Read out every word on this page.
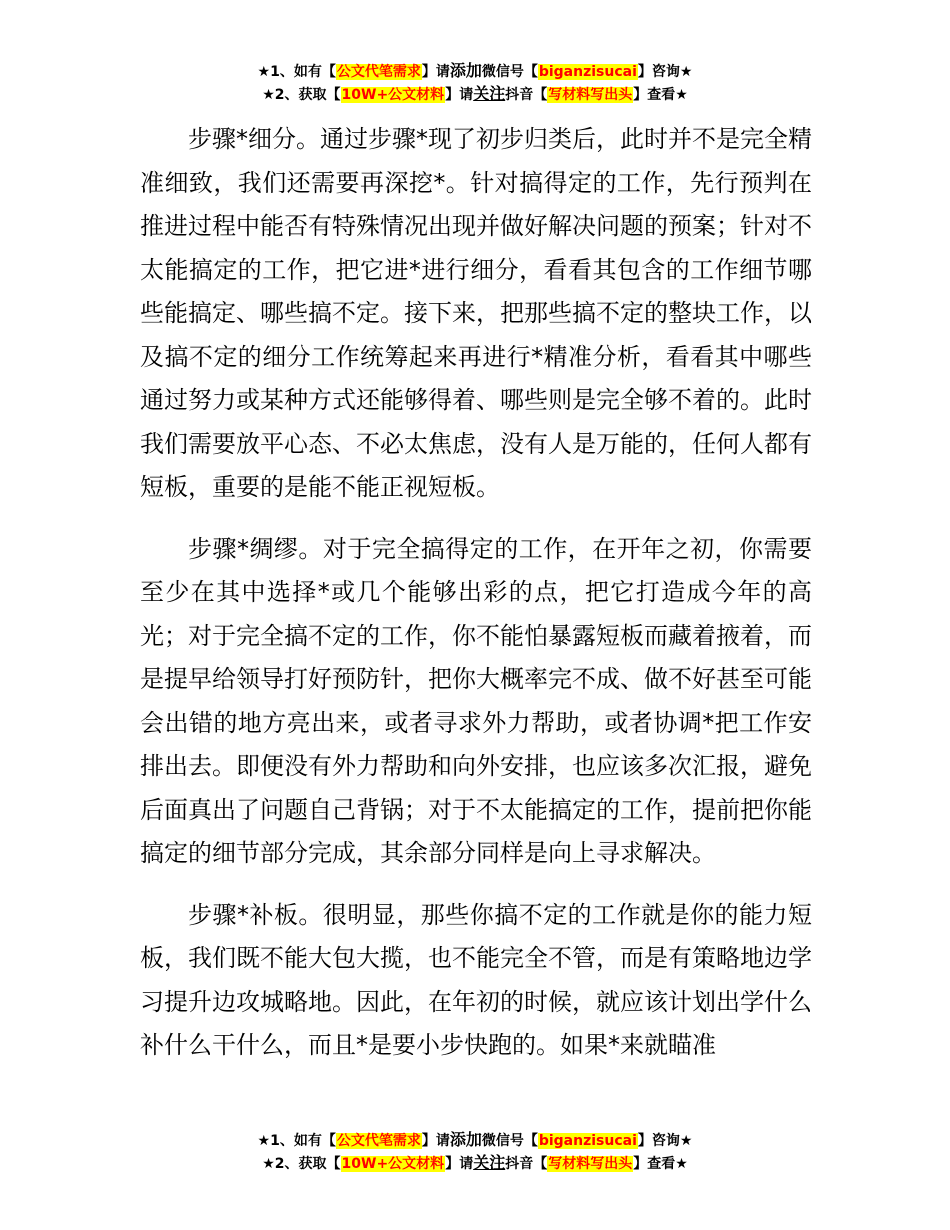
★1、如有【公文代笔需求】请添加微信号【biganzisucai】咨询★
★2、获取【10W+公文材料】请关注抖音【写材料写出头】查看★

步骤*细分。通过步骤*现了初步归类后，此时并不是完全精准细致，我们还需要再深挖*。针对搞得定的工作，先行预判在推进过程中能否有特殊情况出现并做好解决问题的预案；针对不太能搞定的工作，把它进*进行细分，看看其包含的工作细节哪些能搞定、哪些搞不定。接下来，把那些搞不定的整块工作，以及搞不定的细分工作统筹起来再进行*精准分析，看看其中哪些通过努力或某种方式还能够得着、哪些则是完全够不着的。此时我们需要放平心态、不必太焦虑，没有人是万能的，任何人都有短板，重要的是能不能正视短板。

步骤*绸缪。对于完全搞得定的工作，在开年之初，你需要至少在其中选择*或几个能够出彩的点，把它打造成今年的高光；对于完全搞不定的工作，你不能怕暴露短板而藏着掖着，而是提早给领导打好预防针，把你大概率完不成、做不好甚至可能会出错的地方亮出来，或者寻求外力帮助，或者协调*把工作安排出去。即便没有外力帮助和向外安排，也应该多次汇报，避免后面真出了问题自己背锅；对于不太能搞定的工作，提前把你能搞定的细节部分完成，其余部分同样是向上寻求解决。

步骤*补板。很明显，那些你搞不定的工作就是你的能力短板，我们既不能大包大揽，也不能完全不管，而是有策略地边学习提升边攻城略地。因此，在年初的时候，就应该计划出学什么补什么干什么，而且*是要小步快跑的。如果*来就瞄准

★1、如有【公文代笔需求】请添加微信号【biganzisucai】咨询★
★2、获取【10W+公文材料】请关注抖音【写材料写出头】查看★
